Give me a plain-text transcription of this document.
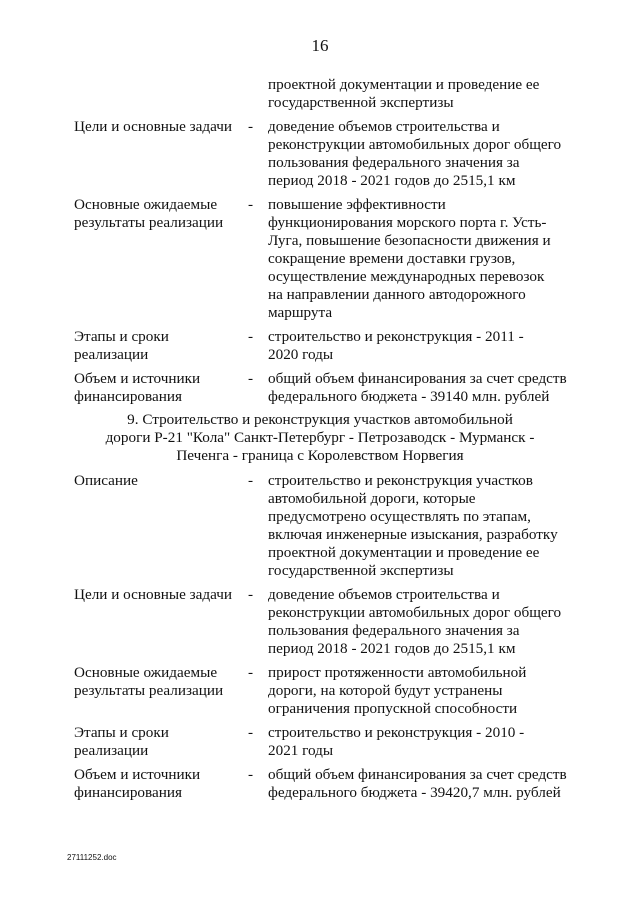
16
проектной документации и проведение ее
государственной экспертизы
Цели и основные задачи - доведение объемов строительства и
реконструкции автомобильных дорог общего
пользования федерального значения за
период 2018 - 2021 годов до 2515,1 км
Основные ожидаемые
результаты реализации
- повышение эффективности
функционирования морского порта г. Усть-
Луга, повышение безопасности движения и
сокращение времени доставки грузов,
осуществление международных перевозок
на направлении данного автодорожного
маршрута
Этапы и сроки
реализации
- строительство и реконструкция - 2011 -
2020 годы
Объем и источники
финансирования
- общий объем финансирования за счет средств
федерального бюджета - 39140 млн. рублей
9. Строительство и реконструкция участков автомобильной
дороги Р-21 "Кола" Санкт-Петербург - Петрозаводск - Мурманск -
Печенга - граница с Королевством Норвегия
Описание	- строительство и реконструкция участков
автомобильной дороги, которые
предусмотрено осуществлять по этапам,
включая инженерные изыскания, разработку
проектной документации и проведение ее
государственной экспертизы
Цели и основные задачи - доведение объемов строительства и
реконструкции автомобильных дорог общего
пользования федерального значения за
период 2018 - 2021 годов до 2515,1 км
Основные ожидаемые
результаты реализации
- прирост протяженности автомобильной
дороги, на которой будут устранены
ограничения пропускной способности
Этапы и сроки
реализации
- строительство и реконструкция - 2010 -
2021 годы
Объем и источники
финансирования
- общий объем финансирования за счет средств
федерального бюджета - 39420,7 млн. рублей
27111252.doc
